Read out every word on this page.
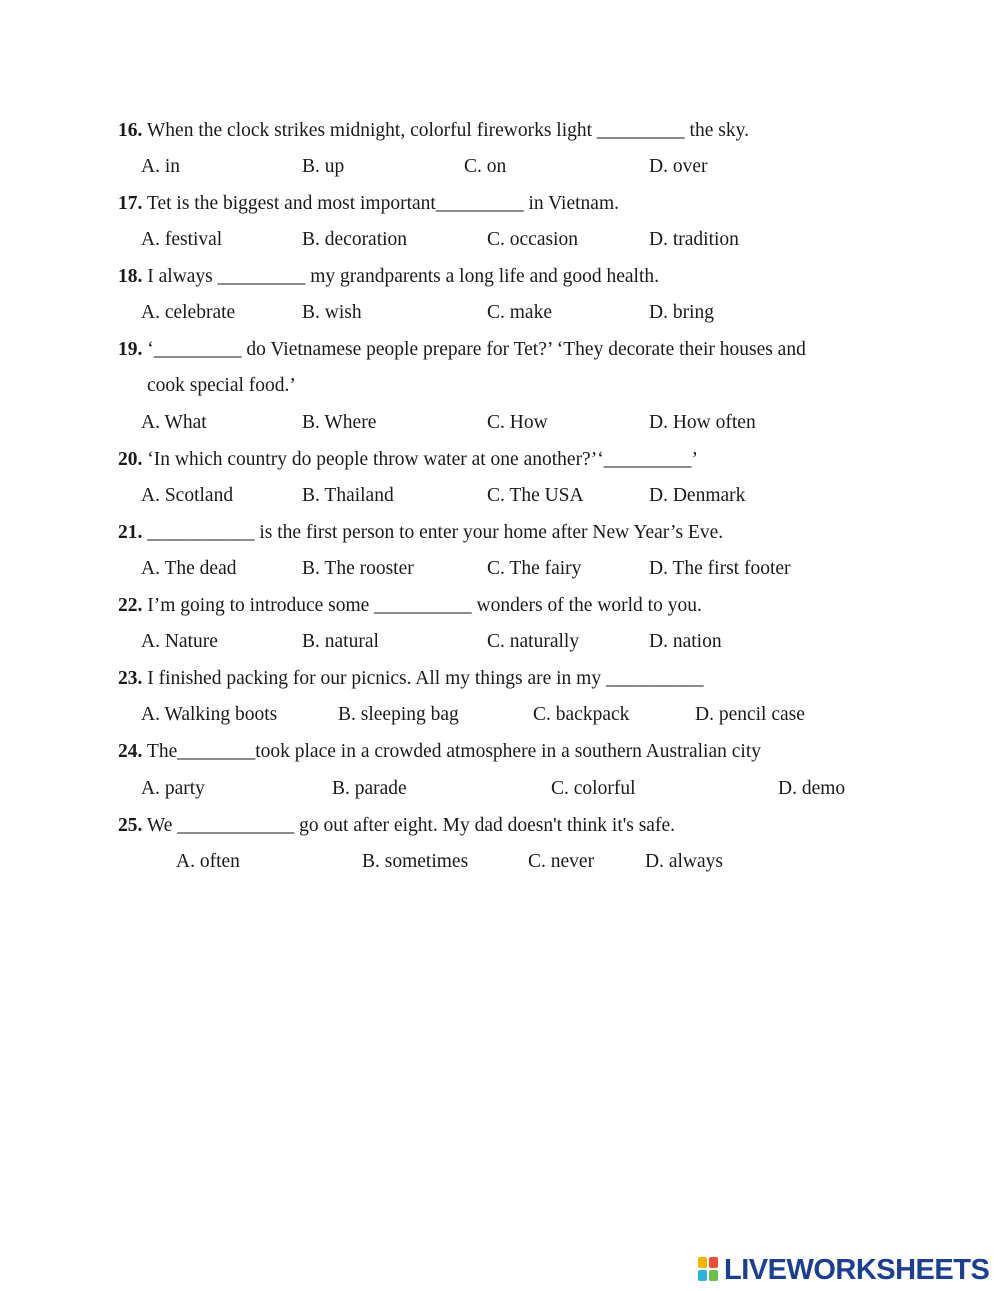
16. When the clock strikes midnight, colorful fireworks light _________ the sky.
A. in	B. up	C. on	D. over
17. Tet is the biggest and most important_________ in Vietnam.
A. festival	B. decoration	C. occasion	D. tradition
18. I always _________ my grandparents a long life and good health.
A. celebrate	B. wish	C. make	D. bring
19. ‘_________ do Vietnamese people prepare for Tet?’ ‘They decorate their houses and
cook special food.’
A. What	B. Where	C. How	D. How often
20. ‘In which country do people throw water at one another?’‘_________’
A. Scotland	B. Thailand	C. The USA	D. Denmark
21. ___________ is the first person to enter your home after New Year’s Eve.
A. The dead	B. The rooster	C. The fairy	D. The first footer
22. I’m going to introduce some __________ wonders of the world to you.
A. Nature	B. natural	C. naturally	D. nation
23. I finished packing for our picnics. All my things are in my __________
A. Walking boots	B. sleeping bag	C. backpack	D. pencil case
24. The________took place in a crowded atmosphere in a southern Australian city
A. party	B. parade	C. colorful	D. demo
25. We ____________ go out after eight. My dad doesn't think it's safe.
A. often	B. sometimes	C. never	D. always
LIVEWORKSHEETS
